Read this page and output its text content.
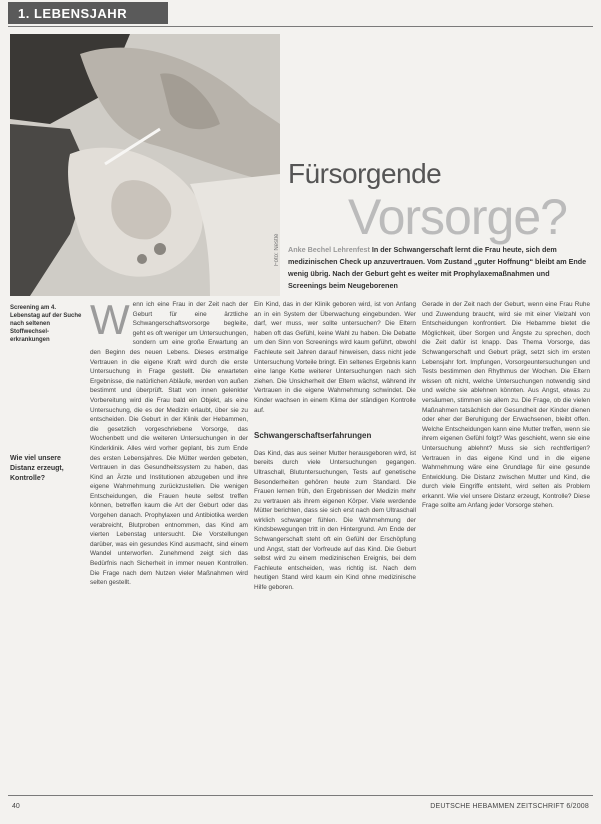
1. LEBENSJAHR
Foto: Nestlé
Fürsorgende
Vorsorge?
Anke Bechel Lehrenfest In der Schwangerschaft lernt die Frau heute, sich dem medizinischen Check up anzuvertrauen. Vom Zustand „guter Hoffnung“ bleibt am Ende wenig übrig. Nach der Geburt geht es weiter mit Prophylaxemaßnahmen und Screenings beim Neugeborenen
Screening am 4. Lebenstag auf der Suche nach seltenen Stoffwechsel-erkrankungen
Wie viel unsere Distanz erzeugt, Kontrolle?
W enn ich eine Frau in der Zeit nach der Geburt für eine ärztliche Schwangerschaftsvorsorge begleite, geht es oft weniger um Untersuchungen, sondern um eine große Erwartung an den Beginn des neuen Lebens. Dieses erstmalige Vertrauen in die eigene Kraft wird durch die erste Untersuchung in Frage gestellt. Die erwarteten Ergebnisse, die natürlichen Abläufe, werden von außen bestimmt und überprüft. Statt von innen gelenkter Vorbereitung wird die Frau bald ein Objekt, als eine Untersuchung, die es der Medizin erlaubt, über sie zu entscheiden. Die Geburt in der Klinik der Hebammen, die gesetzlich vorgeschriebene Vorsorge, das Wochenbett und die weiteren Untersuchungen in der Kinderklinik. Alles wird vorher geplant, bis zum Ende des ersten Lebensjahres. Die Mütter werden gebeten, Vertrauen in das Gesundheitssystem zu haben, das Kind an Ärzte und Institutionen abzugeben und ihre eigene Wahrnehmung zurückzustellen. Die wenigen Entscheidungen, die Frauen heute selbst treffen können, betreffen kaum die Art der Geburt oder das Vorgehen danach. Prophylaxen und Antibiotika werden verabreicht, Blutproben entnommen, das Kind am vierten Lebenstag untersucht. Die Vorstellungen darüber, was ein gesundes Kind ausmacht, sind einem Wandel unterworfen. Zunehmend zeigt sich das Bedürfnis nach Sicherheit in immer neuen Kontrollen. Die Frage nach dem Nutzen vieler Maßnahmen wird selten gestellt.

Ein Kind, das in der Klinik geboren wird, ist von Anfang an in ein System der Überwachung eingebunden. Wer darf, wer muss, wer sollte untersuchen? Die Eltern haben oft das Gefühl, keine Wahl zu haben. Die Debatte um den Sinn von Screenings wird kaum geführt, obwohl Fachleute seit Jahren darauf hinweisen, dass nicht jede Untersuchung Vorteile bringt. Ein seltenes Ergebnis kann eine lange Kette weiterer Untersuchungen nach sich ziehen. Die Unsicherheit der Eltern wächst, während ihr Vertrauen in die eigene Wahrnehmung schwindet. Die Kinder wachsen in einem Klima der ständigen Kontrolle auf.

Schwangerschaftserfahrungen

Das Kind, das aus seiner Mutter herausgeboren wird, ist bereits durch viele Untersuchungen gegangen. Ultraschall, Blutuntersuchungen, Tests auf genetische Besonderheiten gehören heute zum Standard. Die Frauen lernen früh, den Ergebnissen der Medizin mehr zu vertrauen als ihrem eigenen Körper. Viele werdende Mütter berichten, dass sie sich erst nach dem Ultraschall wirklich schwanger fühlen. Die Wahrnehmung der Kindsbewegungen tritt in den Hintergrund. Am Ende der Schwangerschaft steht oft ein Gefühl der Erschöpfung und Angst, statt der Vorfreude auf das Kind. Die Geburt selbst wird zu einem medizinischen Ereignis, bei dem Fachleute entscheiden, was richtig ist. Nach dem heutigen Stand wird kaum ein Kind ohne medizinische Hilfe geboren.

Gerade in der Zeit nach der Geburt, wenn eine Frau Ruhe und Zuwendung braucht, wird sie mit einer Vielzahl von Entscheidungen konfrontiert. Die Hebamme bietet die Möglichkeit, über Sorgen und Ängste zu sprechen, doch die Zeit dafür ist knapp. Das Thema Vorsorge, das Schwangerschaft und Geburt prägt, setzt sich im ersten Lebensjahr fort. Impfungen, Vorsorgeuntersuchungen und Tests bestimmen den Rhythmus der Wochen. Die Eltern wissen oft nicht, welche Untersuchungen notwendig sind und welche sie ablehnen könnten. Aus Angst, etwas zu versäumen, stimmen sie allem zu. Die Frage, ob die vielen Maßnahmen tatsächlich der Gesundheit der Kinder dienen oder eher der Beruhigung der Erwachsenen, bleibt offen. Welche Entscheidungen kann eine Mutter treffen, wenn sie ihrem eigenen Gefühl folgt? Was geschieht, wenn sie eine Untersuchung ablehnt? Muss sie sich rechtfertigen? Vertrauen in das eigene Kind und in die eigene Wahrnehmung wäre eine Grundlage für eine gesunde Entwicklung. Die Distanz zwischen Mutter und Kind, die durch viele Eingriffe entsteht, wird selten als Problem erkannt. Wie viel unsere Distanz erzeugt, Kontrolle? Diese Frage sollte am Anfang jeder Vorsorge stehen.

40	DEUTSCHE HEBAMMEN ZEITSCHRIFT 6/2008
